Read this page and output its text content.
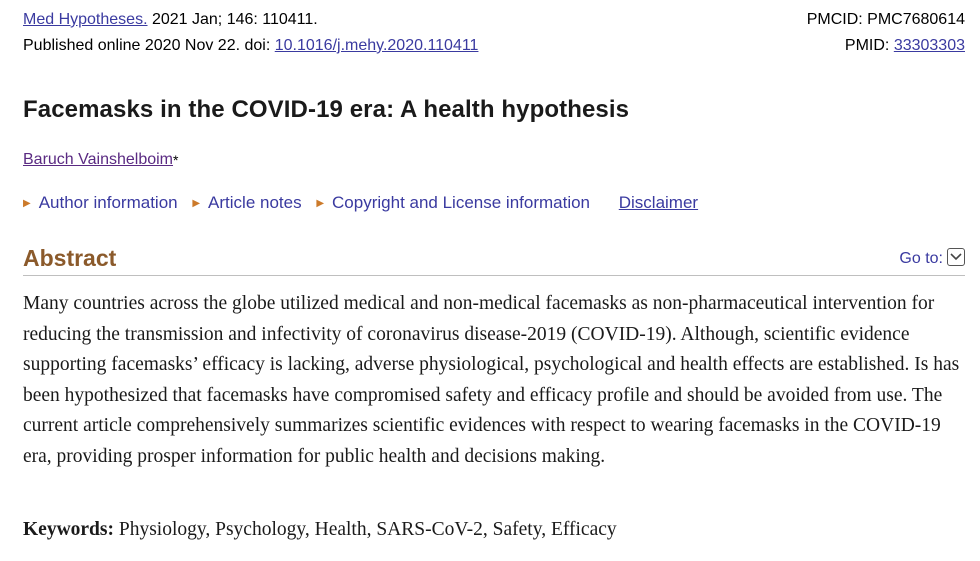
Med Hypotheses. 2021 Jan; 146: 110411.	PMCID: PMC7680614
Published online 2020 Nov 22. doi: 10.1016/j.mehy.2020.110411	PMID: 33303303
Facemasks in the COVID-19 era: A health hypothesis
Baruch Vainshelboim*
▶ Author information ▶ Article notes ▶ Copyright and License information Disclaimer
Abstract	Go to:

Many countries across the globe utilized medical and non-medical facemasks as non-pharmaceutical intervention for reducing the transmission and infectivity of coronavirus disease-2019 (COVID-19). Although, scientific evidence supporting facemasks’ efficacy is lacking, adverse physiological, psychological and health effects are established. Is has been hypothesized that facemasks have compromised safety and efficacy profile and should be avoided from use. The current article comprehensively summarizes scientific evidences with respect to wearing facemasks in the COVID-19 era, providing prosper information for public health and decisions making.

Keywords: Physiology, Psychology, Health, SARS-CoV-2, Safety, Efficacy
